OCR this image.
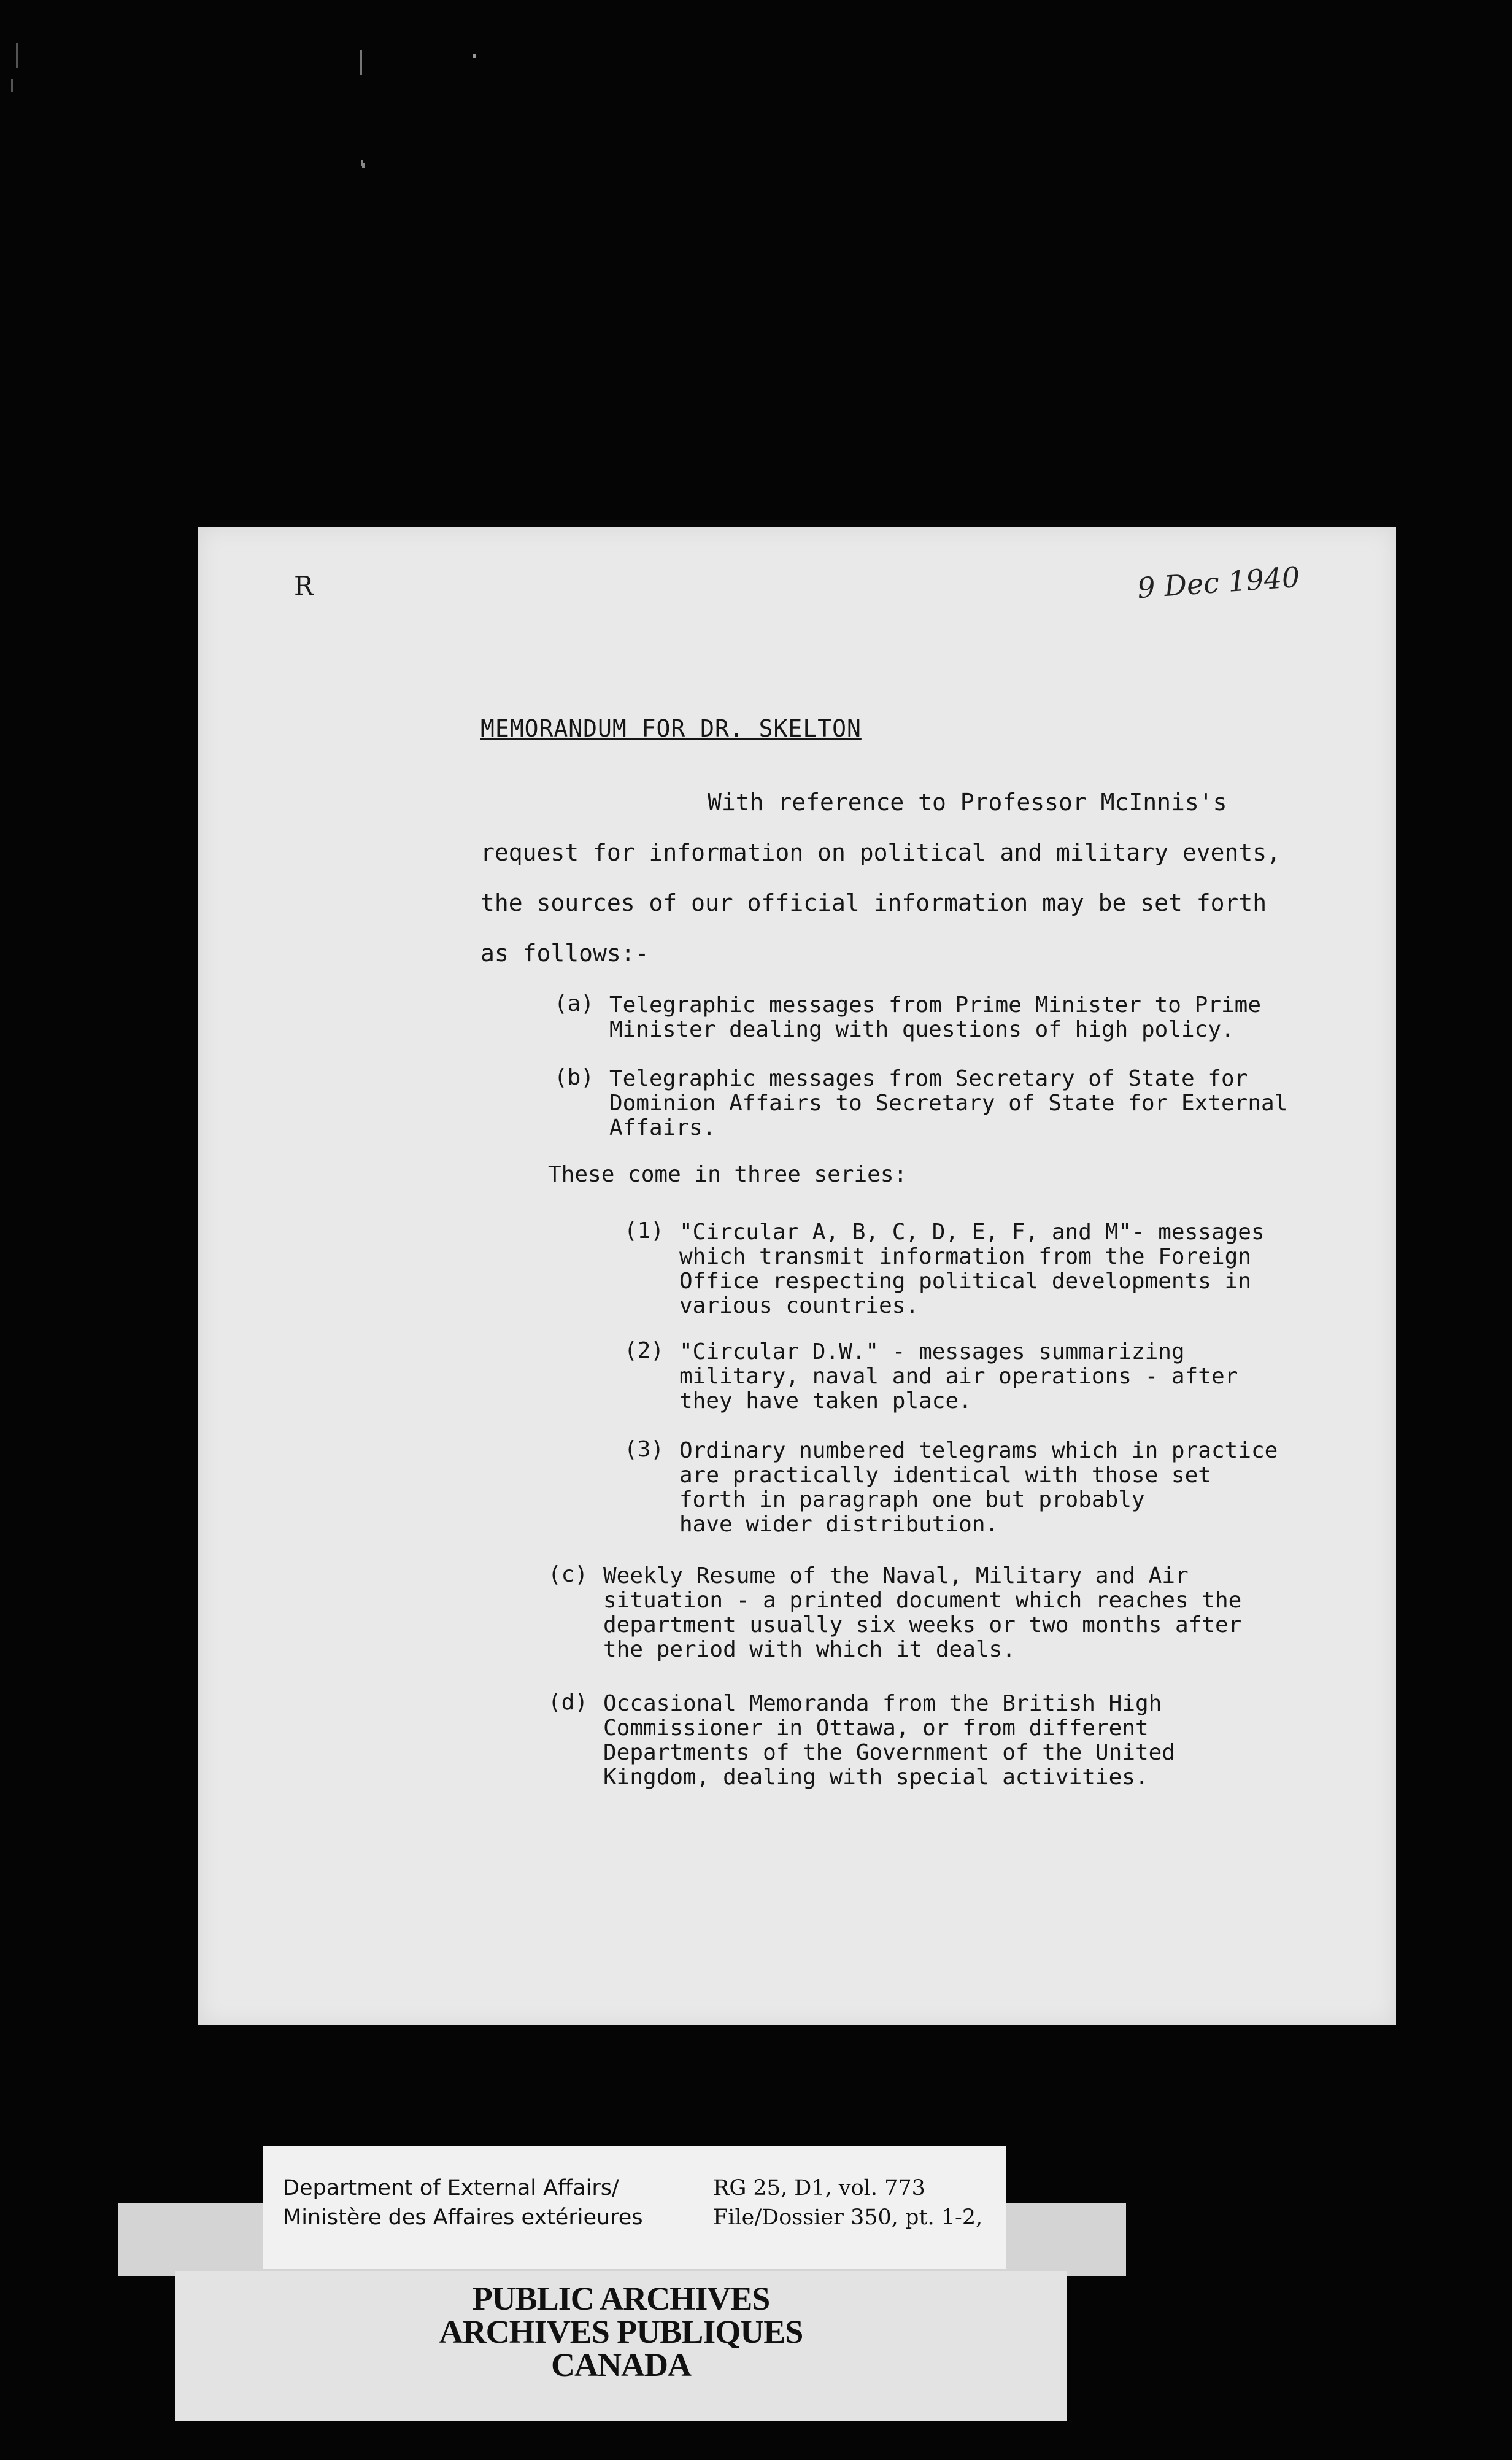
R	9 Dec 1940
MEMORANDUM FOR DR. SKELTON
With reference to Professor McInnis's
request for information on political and military events,
the sources of our official information may be set forth
as follows:-
(a) Telegraphic messages from Prime Minister to Prime
Minister dealing with questions of high policy.
(b) Telegraphic messages from Secretary of State for
Dominion Affairs to Secretary of State for External
Affairs.
These come in three series:
(1) "Circular A, B, C, D, E, F, and M"- messages
which transmit information from the Foreign
Office respecting political developments in
various countries.
(2) "Circular D.W." - messages summarizing
military, naval and air operations - after
they have taken place.
(3) Ordinary numbered telegrams which in practice
are practically identical with those set
forth in paragraph one but probably
have wider distribution.
(c) Weekly Resume of the Naval, Military and Air
situation - a printed document which reaches the
department usually six weeks or two months after
the period with which it deals.
(d) Occasional Memoranda from the British High
Commissioner in Ottawa, or from different
Departments of the Government of the United
Kingdom, dealing with special activities.
Department of External Affairs/
Ministère des Affaires extérieures
RG 25, D1, vol. 773
File/Dossier 350, pt. 1-2,
PUBLIC ARCHIVES
ARCHIVES PUBLIQUES
CANADA
